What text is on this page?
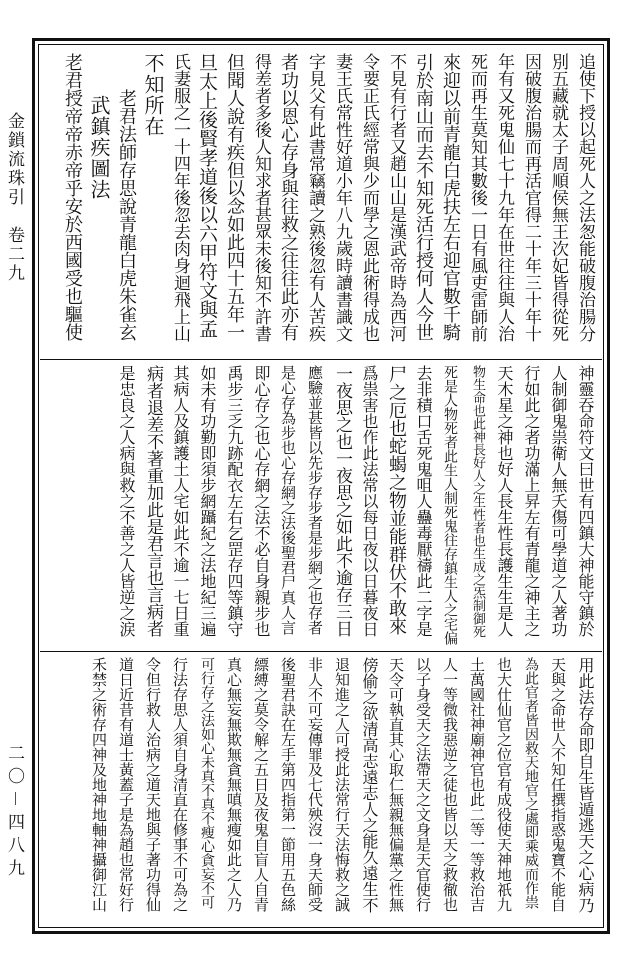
金鎖流珠引　卷二九
二〇－四八九
追使下授以起死人之法怱能破腹治腸分
別五藏就太子周順侯無王次妃皆得從死
因破腹治腸而再活官得二十年三十年十
年有又死鬼仙七十九年在世往往與人治
死而再生莫知其數後一日有風吏雷師前
來迎以前青龍白虎扶左右迎官數千騎
引於南山而去不知死活行授何人今世
不見有行者又趙山山是漢武帝時為西河
令要正氏經常與少而學之恩此術得成也
妻王氏常性好道小年八九歲時讀書識文
字見父有此書常竊讀之熟後忽有人苦疾
者功以恩心存身與往救之往往此亦有
得差者多後人知求者甚眾未後知不許書
但聞人說有疾但以念如此四十五年一
旦太上後賢孝道後以六甲符文與孟
氏妻服之一十四年後忽去肉身迴飛上山
不知所在
　　老君法師存思說青龍白虎朱雀玄
　　武鎮疾圖法
老君授帝帝赤帝乎安於西國受也驅使
神靈吞命符文曰世有四鎮大神能守鎮於
人制御鬼祟衛人無夭傷可學道之人著功
行如此之者功滿上昇左有青龍之神主之
天木星之神也好人長生性長護生生是人
物生命也此神長好人之生性者也生成之炁制御死
死是人物死者此生人制死鬼往存鎮生人之宅偏
去非積口舌死鬼咀人蠱毒厭禱此二字是
尸之厄也蛇蝎之物並能群伏不敢來
爲祟害也作此法常以每日夜以日暮夜日
一夜思之也一夜思之如此不逾存三日
應驗並甚皆以先步存步者是步網之也存者
是心存為步也心存網之法後聖君尸真人言
即心存之也心存網之法不必自身親步也
禹步三乏九跡配衣左右乞罡存四等鎮守
如未有功勤即須步網躡紀之法地紀三遍
其病人及鎮護土人宅如此不逾一七日重
病者退差不著重加此是君言也言病者
是忠良之人病與救之不善之人皆逆之涙
用此法存命即自生皆遁逃天之心病乃
天與之命世人不知任撰指惑鬼寶不能自
為此官者皆因救天地官之處即乘威而作祟
也大仕仙官之位官有成役使天神地祇九
土萬國社神廟神官也此二等一等救治吉
人一等微我惡逆之徒也皆以天之救徹也
以子身受天之法帶天之文身是天官使行
天令可執直其心取仁無親無偏黨之性無
傍偷之欲清高志遠志人之能久遠生不
退知進之人可授此法常行天法悔救之誠
非人不可妄傳罪及七代殃沒一身天師受
後聖君訣在左手第四指第一節用五色絲
縹縛之莫令解之五日及夜鬼自盲人自青
真心無妄無欺無貪無嗔無瘦如此之人乃
可行存之法如心未真不真不瘦心貪妄不可
行法存思人須自身清直在修事不可為之
令但行救人治病之道天地與子著功得仙
道日近昔有道士黃蓋子是為趙也常好行
禾禁之術存四神及地神地軸神攝御江山
